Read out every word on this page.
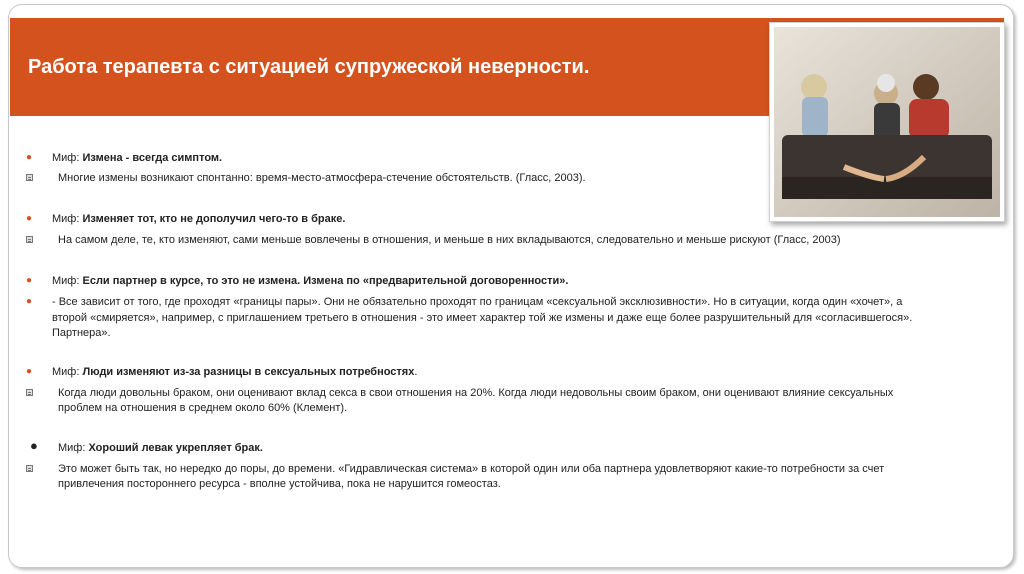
Работа терапевта с ситуацией супружеской неверности.
● Миф: Измена - всегда симптом.
Многие измены возникают спонтанно: время-место-атмосфера-стечение обстоятельств. (Гласс, 2003).
● Миф: Изменяет тот, кто не дополучил чего-то в браке.
На самом деле, те, кто изменяют, сами меньше вовлечены в отношения, и меньше в них вкладываются, следовательно и меньше рискуют (Гласс, 2003)
● Миф: Если партнер в курсе, то это не измена. Измена по «предварительной договоренности».
● - Все зависит от того, где проходят «границы пары». Они не обязательно проходят по границам «сексуальной эксклюзивности». Но в ситуации, когда один «хочет», а
второй «смиряется», например, с приглашением третьего в отношения - это имеет характер той же измены и даже еще более разрушительный для «согласившегося».
Партнера».
● Миф: Люди изменяют из-за разницы в сексуальных потребностях.
Когда люди довольны браком, они оценивают вклад секса в свои отношения на 20%. Когда люди недовольны своим браком, они оценивают влияние сексуальных
проблем на отношения в среднем около 60% (Клемент).
● Миф: Хороший левак укрепляет брак.
Это может быть так, но нередко до поры, до времени. «Гидравлическая система» в которой один или оба партнера удовлетворяют какие-то потребности за счет
привлечения постороннего ресурса - вполне устойчива, пока не нарушится гомеостаз.
